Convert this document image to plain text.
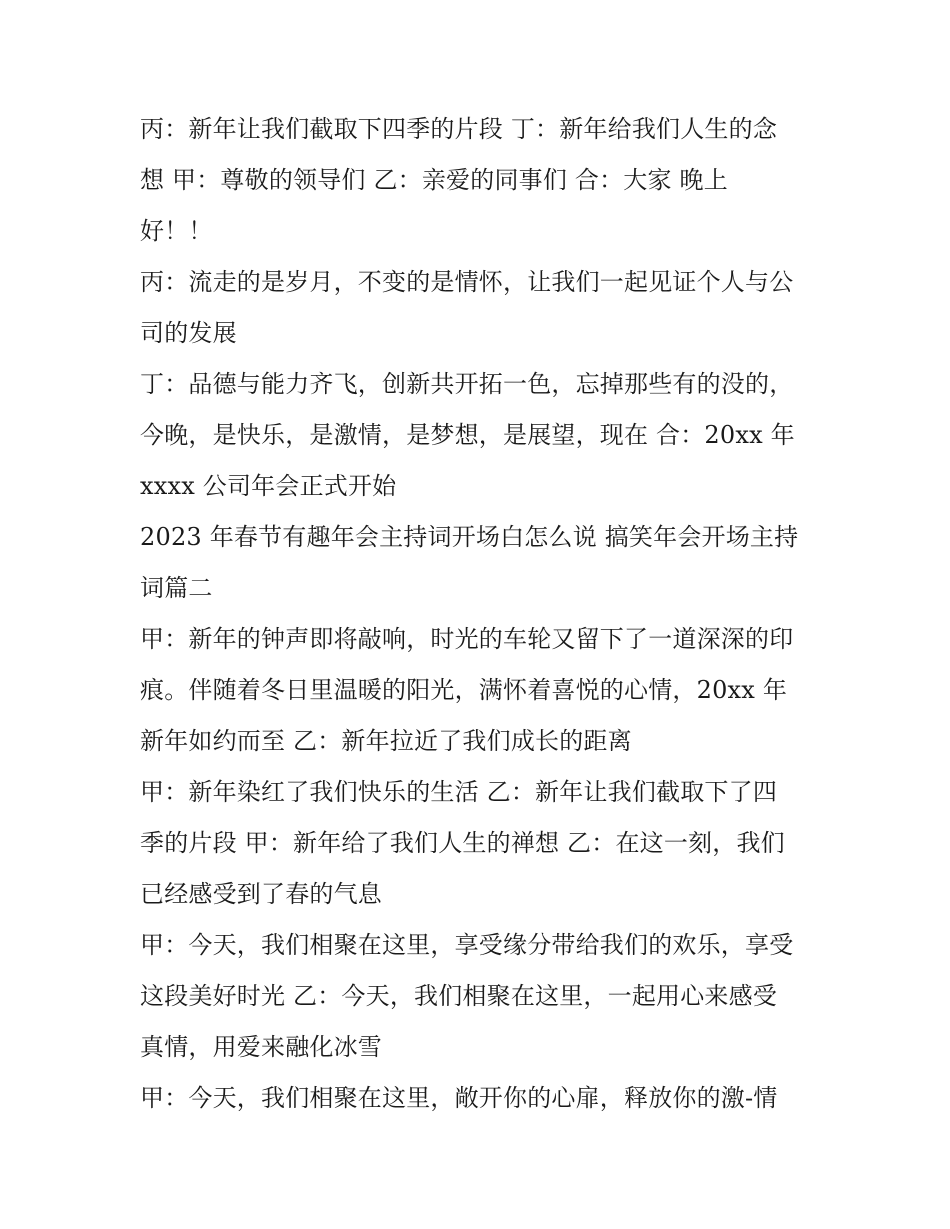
丙：新年让我们截取下四季的片段 丁：新年给我们人生的念
想 甲：尊敬的领导们 乙：亲爱的同事们 合：大家 晚上
好！！
丙：流走的是岁月，不变的是情怀，让我们一起见证个人与公
司的发展
丁：品德与能力齐飞，创新共开拓一色，忘掉那些有的没的，
今晚，是快乐，是激情，是梦想，是展望，现在 合：20xx 年
xxxx 公司年会正式开始
2023 年春节有趣年会主持词开场白怎么说 搞笑年会开场主持
词篇二
甲：新年的钟声即将敲响，时光的车轮又留下了一道深深的印
痕。伴随着冬日里温暖的阳光，满怀着喜悦的心情，20xx 年
新年如约而至 乙：新年拉近了我们成长的距离
甲：新年染红了我们快乐的生活 乙：新年让我们截取下了四
季的片段 甲：新年给了我们人生的禅想 乙：在这一刻，我们
已经感受到了春的气息
甲：今天，我们相聚在这里，享受缘分带给我们的欢乐，享受
这段美好时光 乙：今天，我们相聚在这里，一起用心来感受
真情，用爱来融化冰雪
甲：今天，我们相聚在这里，敞开你的心扉，释放你的激-情
